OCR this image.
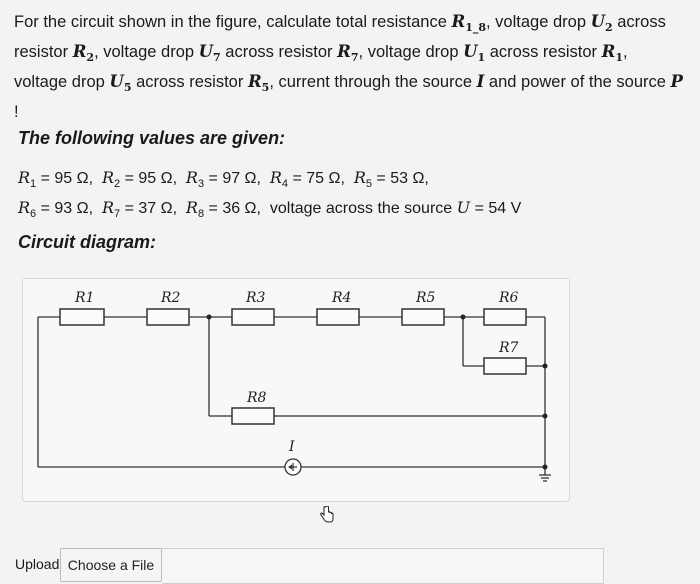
For the circuit shown in the figure, calculate total resistance $R_{1\_8}$, voltage drop $U_2$ across resistor $R_2$, voltage drop $U_7$ across resistor $R_7$, voltage drop $U_1$ across resistor $R_1$, voltage drop $U_5$ across resistor $R_5$, current through the source I and power of the source P !
The following values are given:
$R_1 = 95$ Ω, $R_2 = 95$ Ω, $R_3 = 97$ Ω, $R_4 = 75$ Ω, $R_5 = 53$ Ω,
$R_6 = 93$ Ω, $R_7 = 37$ Ω, $R_8 = 36$ Ω, voltage across the source U = 54 V
Circuit diagram:
R1	R2	R3	R4	R5	R6
R7
R8
I
Upload Choose a File
